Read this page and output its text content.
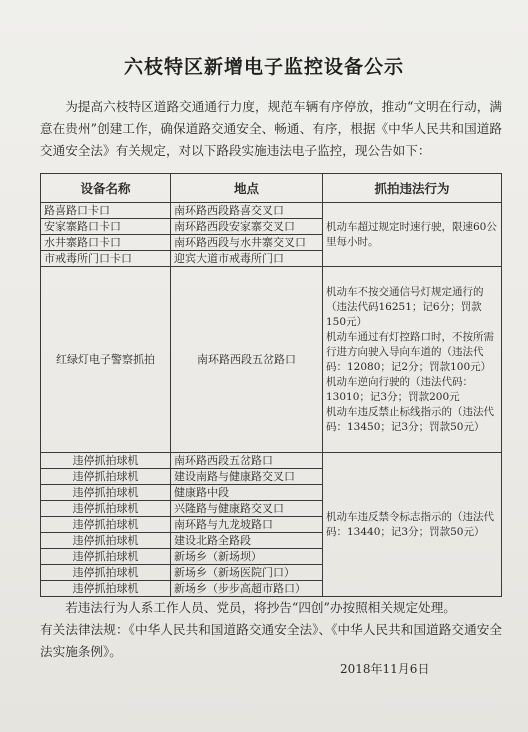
六枝特区新增电子监控设备公示
为提高六枝特区道路交通通行力度，规范车辆有序停放，推动“文明在行动，满意在贵州”创建工作，确保道路交通安全、畅通、有序，根据《中华人民共和国道路交通安全法》有关规定，对以下路段实施违法电子监控，现公告如下：
设备名称	地点	抓拍违法行为
路喜路口卡口	南环路西段路喜交叉口	机动车超过规定时速行驶，限速60公里每小时。
安家寨路口卡口	南环路西段安家寨交叉口	
水井寨路口卡口	南环路西段与水井寨交叉口	
市戒毒所门口卡口	迎宾大道市戒毒所门口	
红绿灯电子警察抓拍	南环路西段五岔路口	机动车不按交通信号灯规定通行的（违法代码16251；记6分；罚款150元）

机动车通过有灯控路口时，不按所需行进方向驶入导向车道的（违法代码：12080；记2分；罚款100元）

机动车逆向行驶的（违法代码：13010；记3分；罚款200元

机动车违反禁止标线指示的（违法代码：13450；记3分；罚款50元）

违停抓拍球机	南环路西段五岔路口	机动车违反禁令标志指示的（违法代码：13440；记3分；罚款50元）
违停抓拍球机	建设南路与健康路交叉口	
违停抓拍球机	健康路中段	
违停抓拍球机	兴隆路与健康路交叉口	
违停抓拍球机	南环路与九龙坡路口	
违停抓拍球机	建设北路全路段	
违停抓拍球机	新场乡（新场坝）	
违停抓拍球机	新场乡（新场医院门口）	
违停抓拍球机	新场乡（步步高超市路口）	

若违法行为人系工作人员、党员，将抄告“四创”办按照相关规定处理。

有关法律法规：《中华人民共和国道路交通安全法》、《中华人民共和国道路交通安全法实施条例》。

2018年11月6日
